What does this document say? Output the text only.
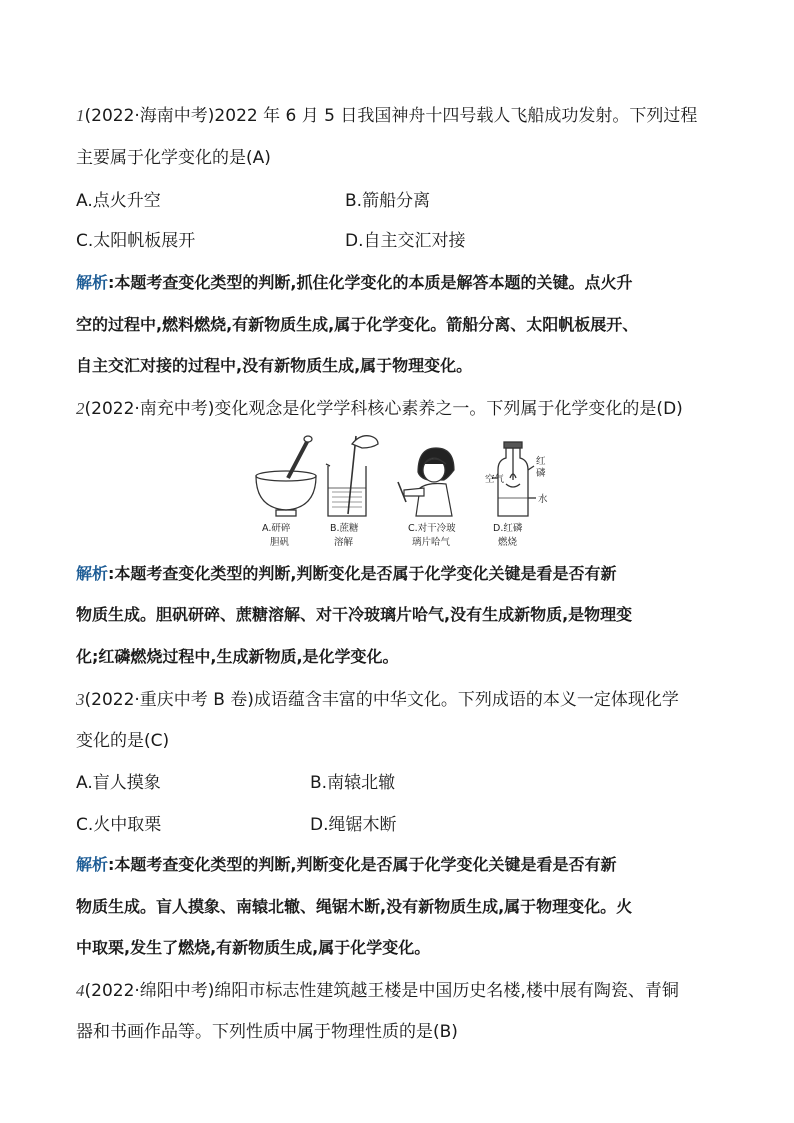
1(2022·海南中考)2022 年 6 月 5 日我国神舟十四号载人飞船成功发射。下列过程
主要属于化学变化的是(A)
A.点火升空	B.箭船分离
C.太阳帆板展开	D.自主交汇对接
解析:本题考查变化类型的判断,抓住化学变化的本质是解答本题的关键。点火升
空的过程中,燃料燃烧,有新物质生成,属于化学变化。箭船分离、太阳帆板展开、
自主交汇对接的过程中,没有新物质生成,属于物理变化。
2(2022·南充中考)变化观念是化学学科核心素养之一。下列属于化学变化的是(D)
空气
红
磷
水
A.研碎
胆矾
B.蔗糖
溶解
C.对干冷玻
璃片哈气
D.红磷
燃烧
解析:本题考查变化类型的判断,判断变化是否属于化学变化关键是看是否有新
物质生成。胆矾研碎、蔗糖溶解、对干冷玻璃片哈气,没有生成新物质,是物理变
化;红磷燃烧过程中,生成新物质,是化学变化。
3(2022·重庆中考 B 卷)成语蕴含丰富的中华文化。下列成语的本义一定体现化学
变化的是(C)
A.盲人摸象	B.南辕北辙
C.火中取栗	D.绳锯木断
解析:本题考查变化类型的判断,判断变化是否属于化学变化关键是看是否有新
物质生成。盲人摸象、南辕北辙、绳锯木断,没有新物质生成,属于物理变化。火
中取栗,发生了燃烧,有新物质生成,属于化学变化。
4(2022·绵阳中考)绵阳市标志性建筑越王楼是中国历史名楼,楼中展有陶瓷、青铜
器和书画作品等。下列性质中属于物理性质的是(B)
